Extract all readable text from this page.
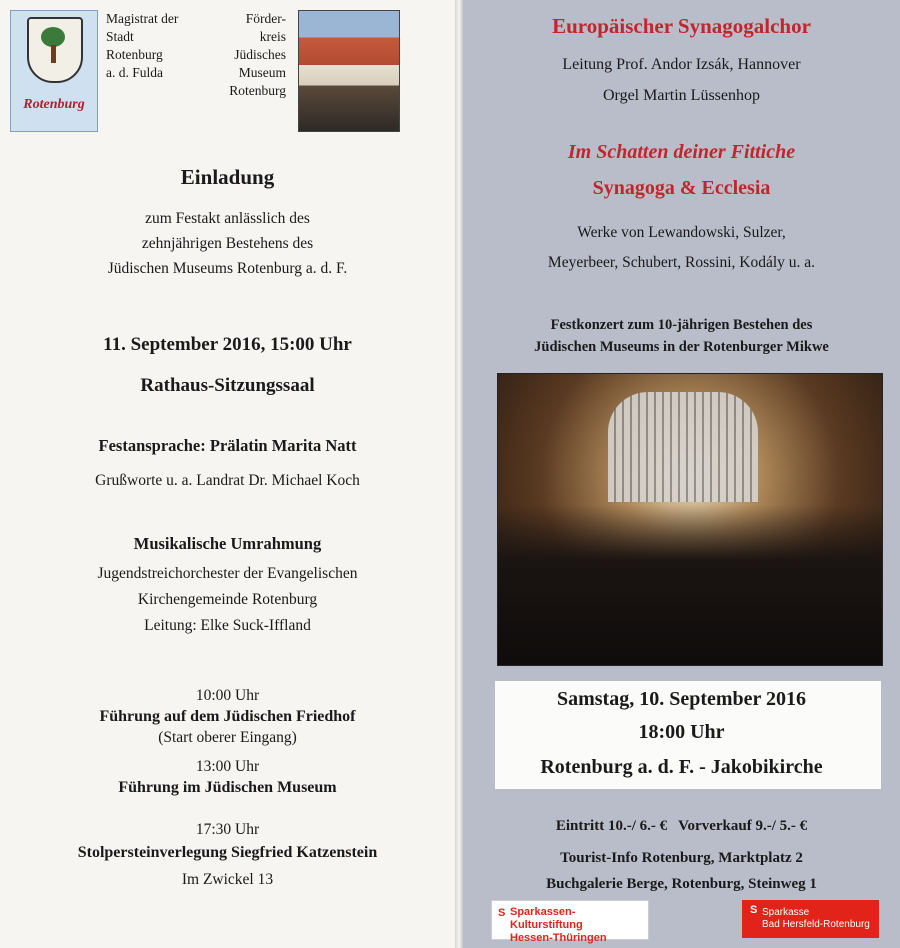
Rotenburg
Magistrat der
Stadt
Rotenburg
a. d. Fulda
Förder-
kreis
Jüdisches
Museum
Rotenburg
Einladung
zum Festakt anlässlich des
zehnjährigen Bestehens des
Jüdischen Museums Rotenburg a. d. F.
11. September 2016, 15:00 Uhr
Rathaus-Sitzungssaal
Festansprache: Prälatin Marita Natt
Grußworte u. a. Landrat Dr. Michael Koch
Musikalische Umrahmung
Jugendstreichorchester der Evangelischen
Kirchengemeinde Rotenburg
Leitung: Elke Suck-Iffland
10:00 Uhr
Führung auf dem Jüdischen Friedhof
(Start oberer Eingang)
13:00 Uhr
Führung im Jüdischen Museum
17:30 Uhr
Stolpersteinverlegung Siegfried Katzenstein
Im Zwickel 13
Europäischer Synagogalchor
Leitung Prof. Andor Izsák, Hannover
Orgel Martin Lüssenhop
Im Schatten deiner Fittiche
Synagoga & Ecclesia
Werke von Lewandowski, Sulzer,
Meyerbeer, Schubert, Rossini, Kodály u. a.
Festkonzert zum 10-jährigen Bestehen des
Jüdischen Museums in der Rotenburger Mikwe
Samstag, 10. September 2016
18:00 Uhr
Rotenburg a. d. F. - Jakobikirche
Eintritt 10.-/ 6.- €   Vorverkauf 9.-/ 5.- €
Tourist-Info Rotenburg, Marktplatz 2
Buchgalerie Berge, Rotenburg, Steinweg 1
S Sparkassen-Kulturstiftung
Hessen-Thüringen
S Sparkasse
Bad Hersfeld-Rotenburg
